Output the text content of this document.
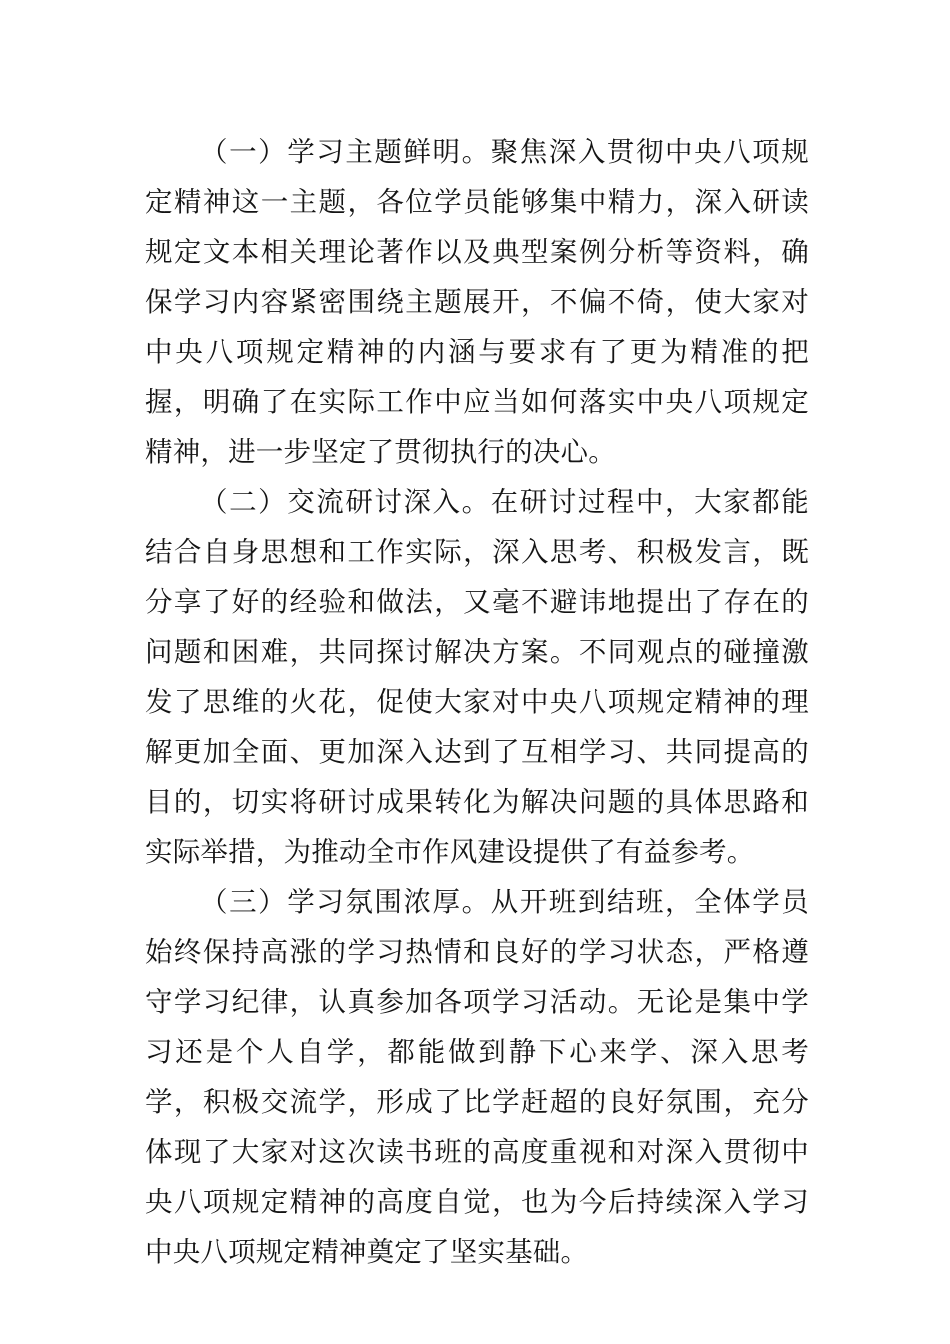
（一）学习主题鲜明。聚焦深入贯彻中央八项规定精神这一主题，各位学员能够集中精力，深入研读规定文本相关理论著作以及典型案例分析等资料，确保学习内容紧密围绕主题展开，不偏不倚，使大家对中央八项规定精神的内涵与要求有了更为精准的把握，明确了在实际工作中应当如何落实中央八项规定精神，进一步坚定了贯彻执行的决心。

（二）交流研讨深入。在研讨过程中，大家都能结合自身思想和工作实际，深入思考、积极发言，既分享了好的经验和做法，又毫不避讳地提出了存在的问题和困难，共同探讨解决方案。不同观点的碰撞激发了思维的火花，促使大家对中央八项规定精神的理解更加全面、更加深入达到了互相学习、共同提高的目的，切实将研讨成果转化为解决问题的具体思路和实际举措，为推动全市作风建设提供了有益参考。

（三）学习氛围浓厚。从开班到结班，全体学员始终保持高涨的学习热情和良好的学习状态，严格遵守学习纪律，认真参加各项学习活动。无论是集中学习还是个人自学，都能做到静下心来学、深入思考学，积极交流学，形成了比学赶超的良好氛围，充分体现了大家对这次读书班的高度重视和对深入贯彻中央八项规定精神的高度自觉，也为今后持续深入学习中央八项规定精神奠定了坚实基础。
